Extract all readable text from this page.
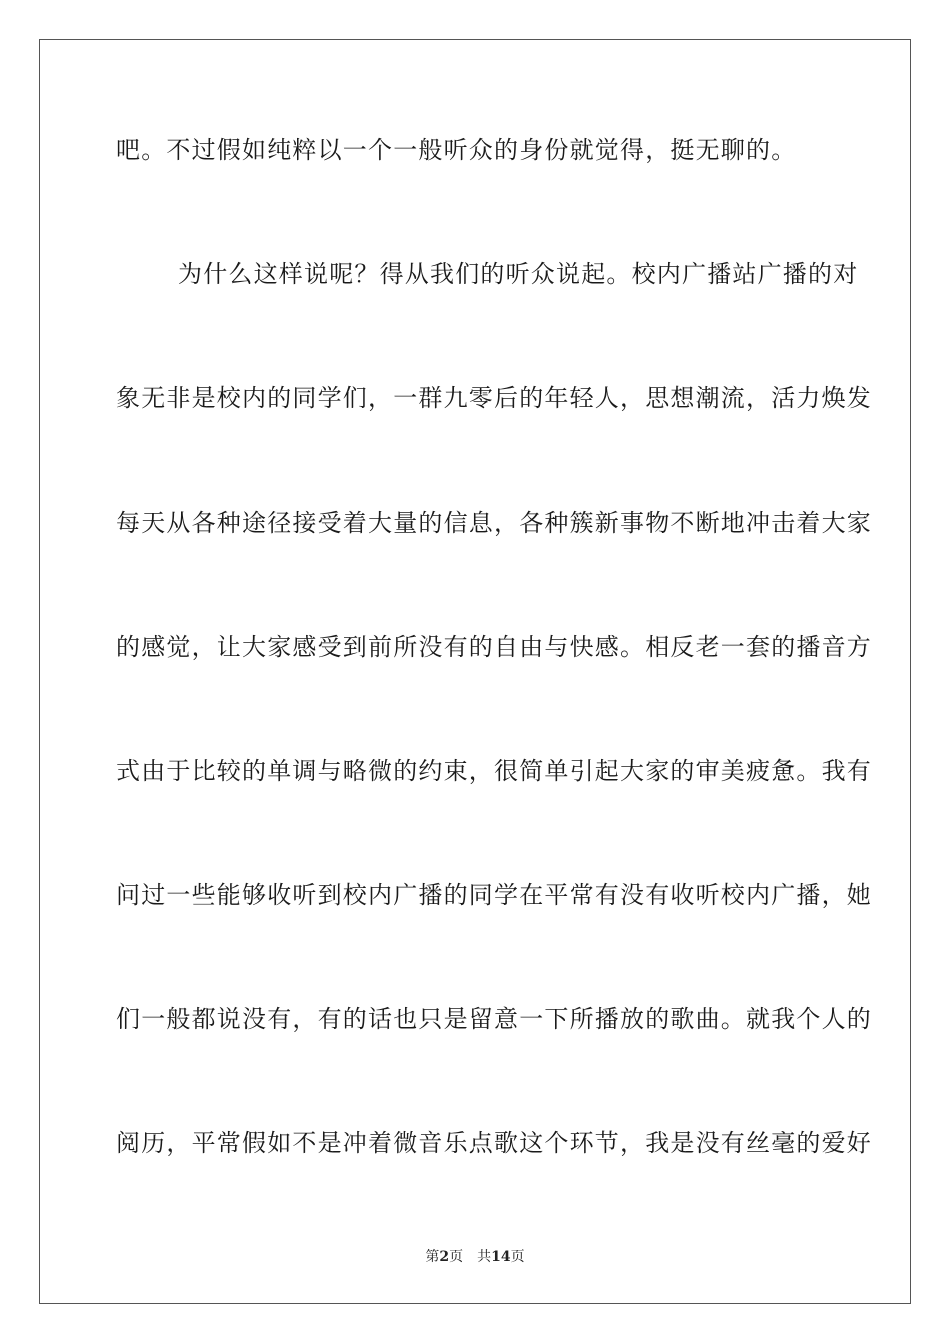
吧。不过假如纯粹以一个一般听众的身份就觉得，挺无聊的。
为什么这样说呢？得从我们的听众说起。校内广播站广播的对
象无非是校内的同学们，一群九零后的年轻人，思想潮流，活力焕发
每天从各种途径接受着大量的信息，各种簇新事物不断地冲击着大家
的感觉，让大家感受到前所没有的自由与快感。相反老一套的播音方
式由于比较的单调与略微的约束，很简单引起大家的审美疲惫。我有
问过一些能够收听到校内广播的同学在平常有没有收听校内广播，她
们一般都说没有，有的话也只是留意一下所播放的歌曲。就我个人的
阅历，平常假如不是冲着微音乐点歌这个环节，我是没有丝毫的爱好
第2页 共14页
